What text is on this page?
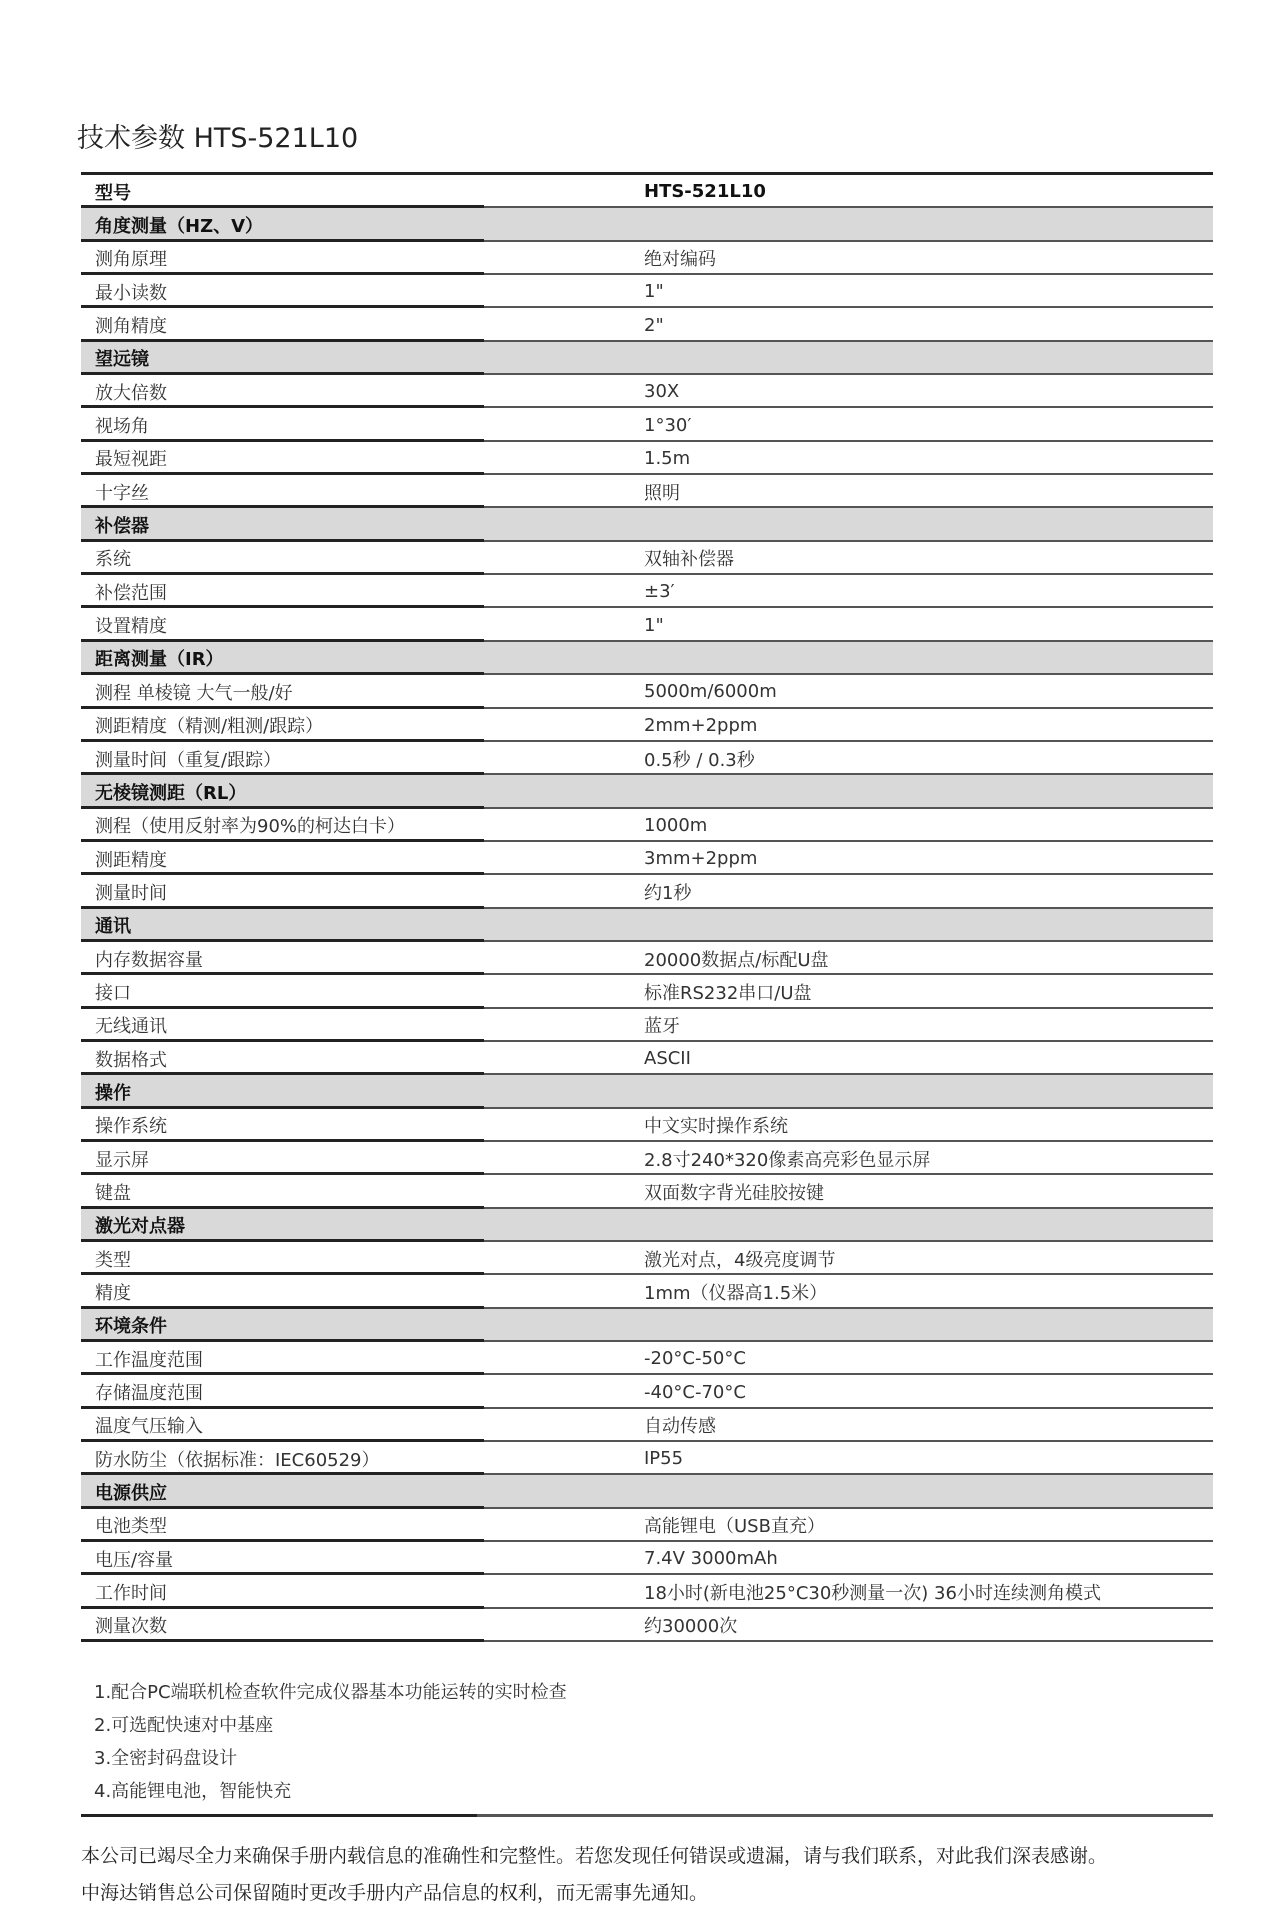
技术参数 HTS-521L10
型号	HTS-521L10
角度测量（HZ、V）
测角原理	绝对编码
最小读数	1"
测角精度	2"
望远镜
放大倍数	30X
视场角	1°30′
最短视距	1.5m
十字丝	照明
补偿器
系统	双轴补偿器
补偿范围	±3′
设置精度	1"
距离测量（IR）
测程 单棱镜 大气一般/好	5000m/6000m
测距精度（精测/粗测/跟踪）	2mm+2ppm
测量时间（重复/跟踪）	0.5秒 / 0.3秒
无棱镜测距（RL）
测程（使用反射率为90%的柯达白卡）	1000m
测距精度	3mm+2ppm
测量时间	约1秒
通讯
内存数据容量	20000数据点/标配U盘
接口	标准RS232串口/U盘
无线通讯	蓝牙
数据格式	ASCII
操作
操作系统	中文实时操作系统
显示屏	2.8寸240*320像素高亮彩色显示屏
键盘	双面数字背光硅胶按键
激光对点器
类型	激光对点，4级亮度调节
精度	1mm（仪器高1.5米）
环境条件
工作温度范围	-20°C-50°C
存储温度范围	-40°C-70°C
温度气压输入	自动传感
防水防尘（依据标准：IEC60529）	IP55
电源供应
电池类型	高能锂电（USB直充）
电压/容量	7.4V 3000mAh
工作时间	18小时(新电池25°C30秒测量一次) 36小时连续测角模式
测量次数	约30000次
1.配合PC端联机检查软件完成仪器基本功能运转的实时检查
2.可选配快速对中基座
3.全密封码盘设计
4.高能锂电池，智能快充
本公司已竭尽全力来确保手册内载信息的准确性和完整性。若您发现任何错误或遗漏，请与我们联系，对此我们深表感谢。
中海达销售总公司保留随时更改手册内产品信息的权利，而无需事先通知。
